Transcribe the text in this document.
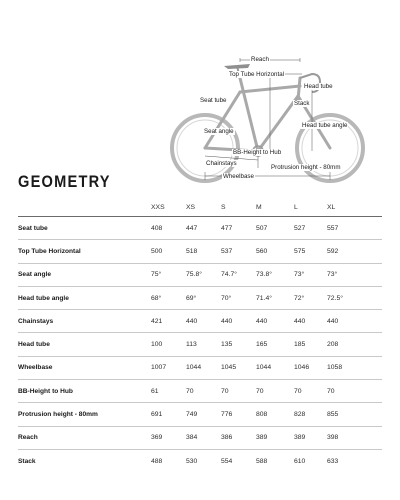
Reach
Top Tube Horizontal
Head tube
Seat tube	Stack
Head tube angle
Seat angle
BB-Height to Hub
Chainstays
Protrusion height - 80mm
Wheelbase
GEOMETRY
	XXS	XS	S	M	L	XL
Seat tube	408	447	477	507	527	557
Top Tube Horizontal	500	518	537	560	575	592
Seat angle	75°	75.8°	74.7°	73.8°	73°	73°
Head tube angle	68°	69°	70°	71.4°	72°	72.5°
Chainstays	421	440	440	440	440	440
Head tube	100	113	135	165	185	208
Wheelbase	1007	1044	1045	1044	1046	1058
BB-Height to Hub	61	70	70	70	70	70
Protrusion height - 80mm	691	749	776	808	828	855
Reach	369	384	386	389	389	398
Stack	488	530	554	588	610	633
